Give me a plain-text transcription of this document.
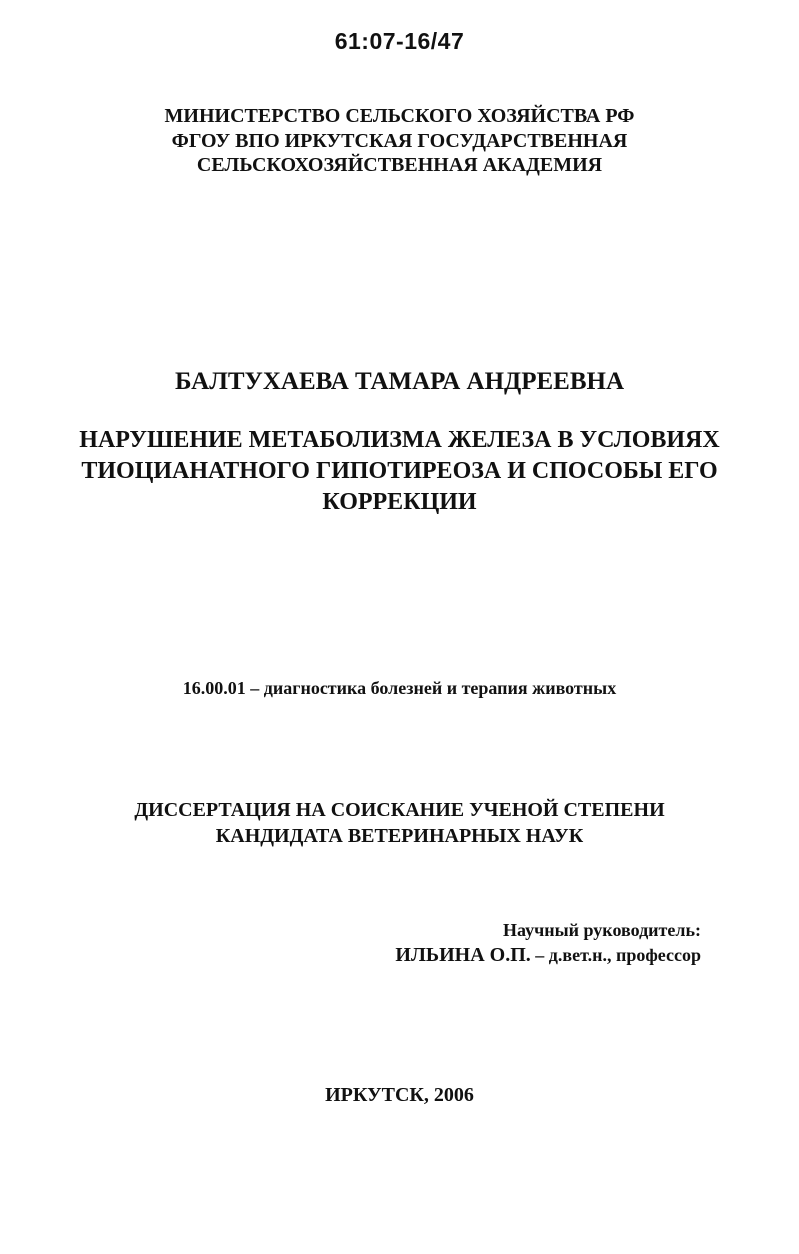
61:07-16/47
МИНИСТЕРСТВО СЕЛЬСКОГО ХОЗЯЙСТВА РФ
ФГОУ ВПО ИРКУТСКАЯ ГОСУДАРСТВЕННАЯ
СЕЛЬСКОХОЗЯЙСТВЕННАЯ АКАДЕМИЯ
БАЛТУХАЕВА ТАМАРА АНДРЕЕВНА
НАРУШЕНИЕ МЕТАБОЛИЗМА ЖЕЛЕЗА В УСЛОВИЯХ
ТИОЦИАНАТНОГО ГИПОТИРЕОЗА И СПОСОБЫ ЕГО
КОРРЕКЦИИ
16.00.01 – диагностика болезней и терапия животных
ДИССЕРТАЦИЯ НА СОИСКАНИЕ УЧЕНОЙ СТЕПЕНИ
КАНДИДАТА ВЕТЕРИНАРНЫХ НАУК
Научный руководитель:
ИЛЬИНА О.П. – д.вет.н., профессор
ИРКУТСК, 2006
